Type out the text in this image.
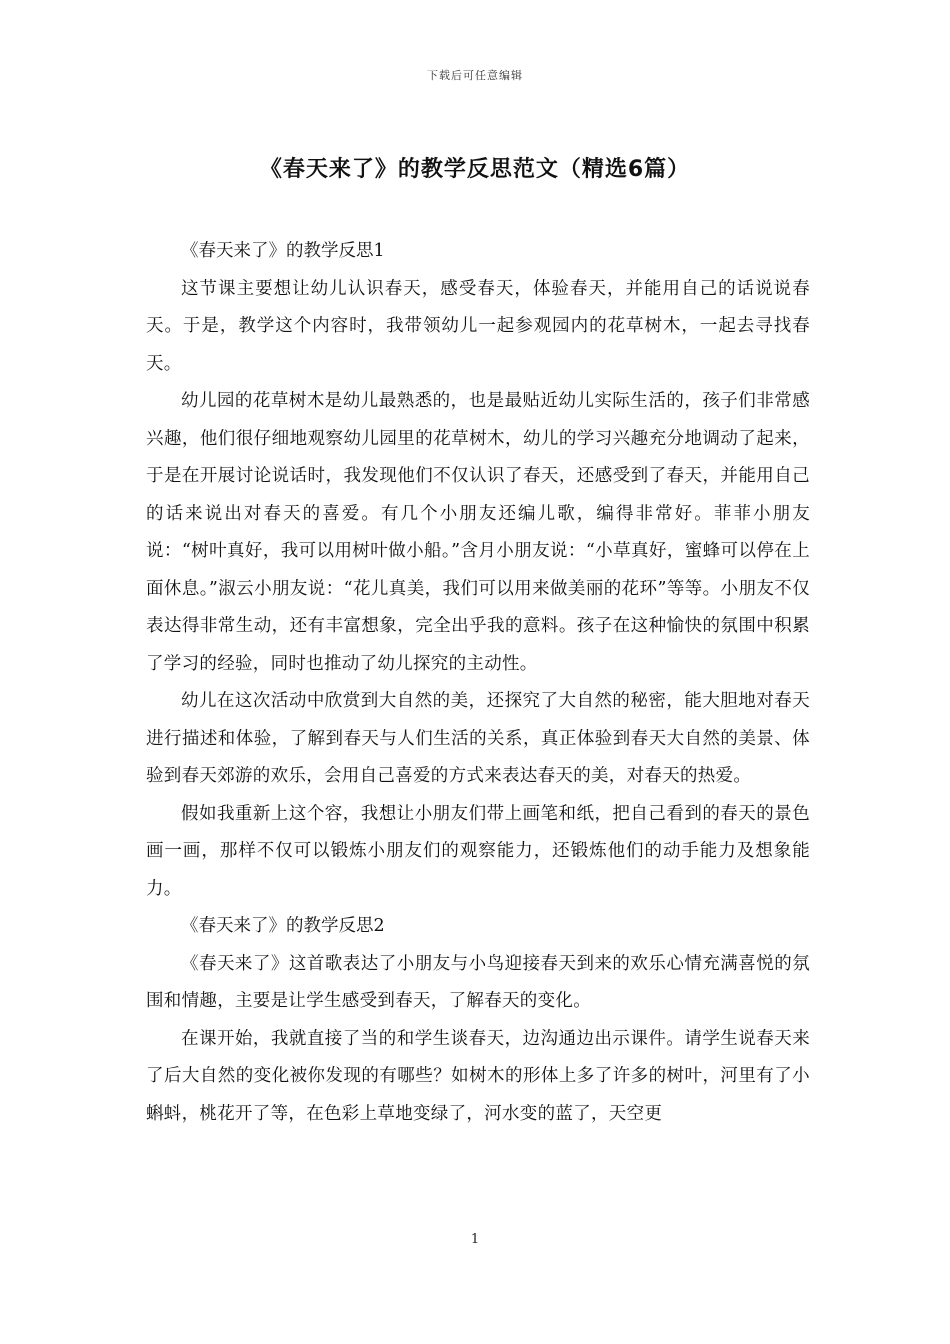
下载后可任意编辑
《春天来了》的教学反思范文（精选6篇）

《春天来了》的教学反思1

这节课主要想让幼儿认识春天，感受春天，体验春天，并能用自己的话说说春天。于是，教学这个内容时，我带领幼儿一起参观园内的花草树木，一起去寻找春天。

幼儿园的花草树木是幼儿最熟悉的，也是最贴近幼儿实际生活的，孩子们非常感兴趣，他们很仔细地观察幼儿园里的花草树木，幼儿的学习兴趣充分地调动了起来，于是在开展讨论说话时，我发现他们不仅认识了春天，还感受到了春天，并能用自己的话来说出对春天的喜爱。有几个小朋友还编儿歌，编得非常好。菲菲小朋友说：“树叶真好，我可以用树叶做小船。”含月小朋友说：“小草真好，蜜蜂可以停在上面休息。”淑云小朋友说：“花儿真美，我们可以用来做美丽的花环”等等。小朋友不仅表达得非常生动，还有丰富想象，完全出乎我的意料。孩子在这种愉快的氛围中积累了学习的经验，同时也推动了幼儿探究的主动性。

幼儿在这次活动中欣赏到大自然的美，还探究了大自然的秘密，能大胆地对春天进行描述和体验，了解到春天与人们生活的关系，真正体验到春天大自然的美景、体验到春天郊游的欢乐，会用自己喜爱的方式来表达春天的美，对春天的热爱。

假如我重新上这个容，我想让小朋友们带上画笔和纸，把自己看到的春天的景色画一画，那样不仅可以锻炼小朋友们的观察能力，还锻炼他们的动手能力及想象能力。

《春天来了》的教学反思2

《春天来了》这首歌表达了小朋友与小鸟迎接春天到来的欢乐心情充满喜悦的氛围和情趣，主要是让学生感受到春天，了解春天的变化。

在课开始，我就直接了当的和学生谈春天，边沟通边出示课件。请学生说春天来了后大自然的变化被你发现的有哪些？如树木的形体上多了许多的树叶，河里有了小蝌蚪，桃花开了等，在色彩上草地变绿了，河水变的蓝了，天空更

1
